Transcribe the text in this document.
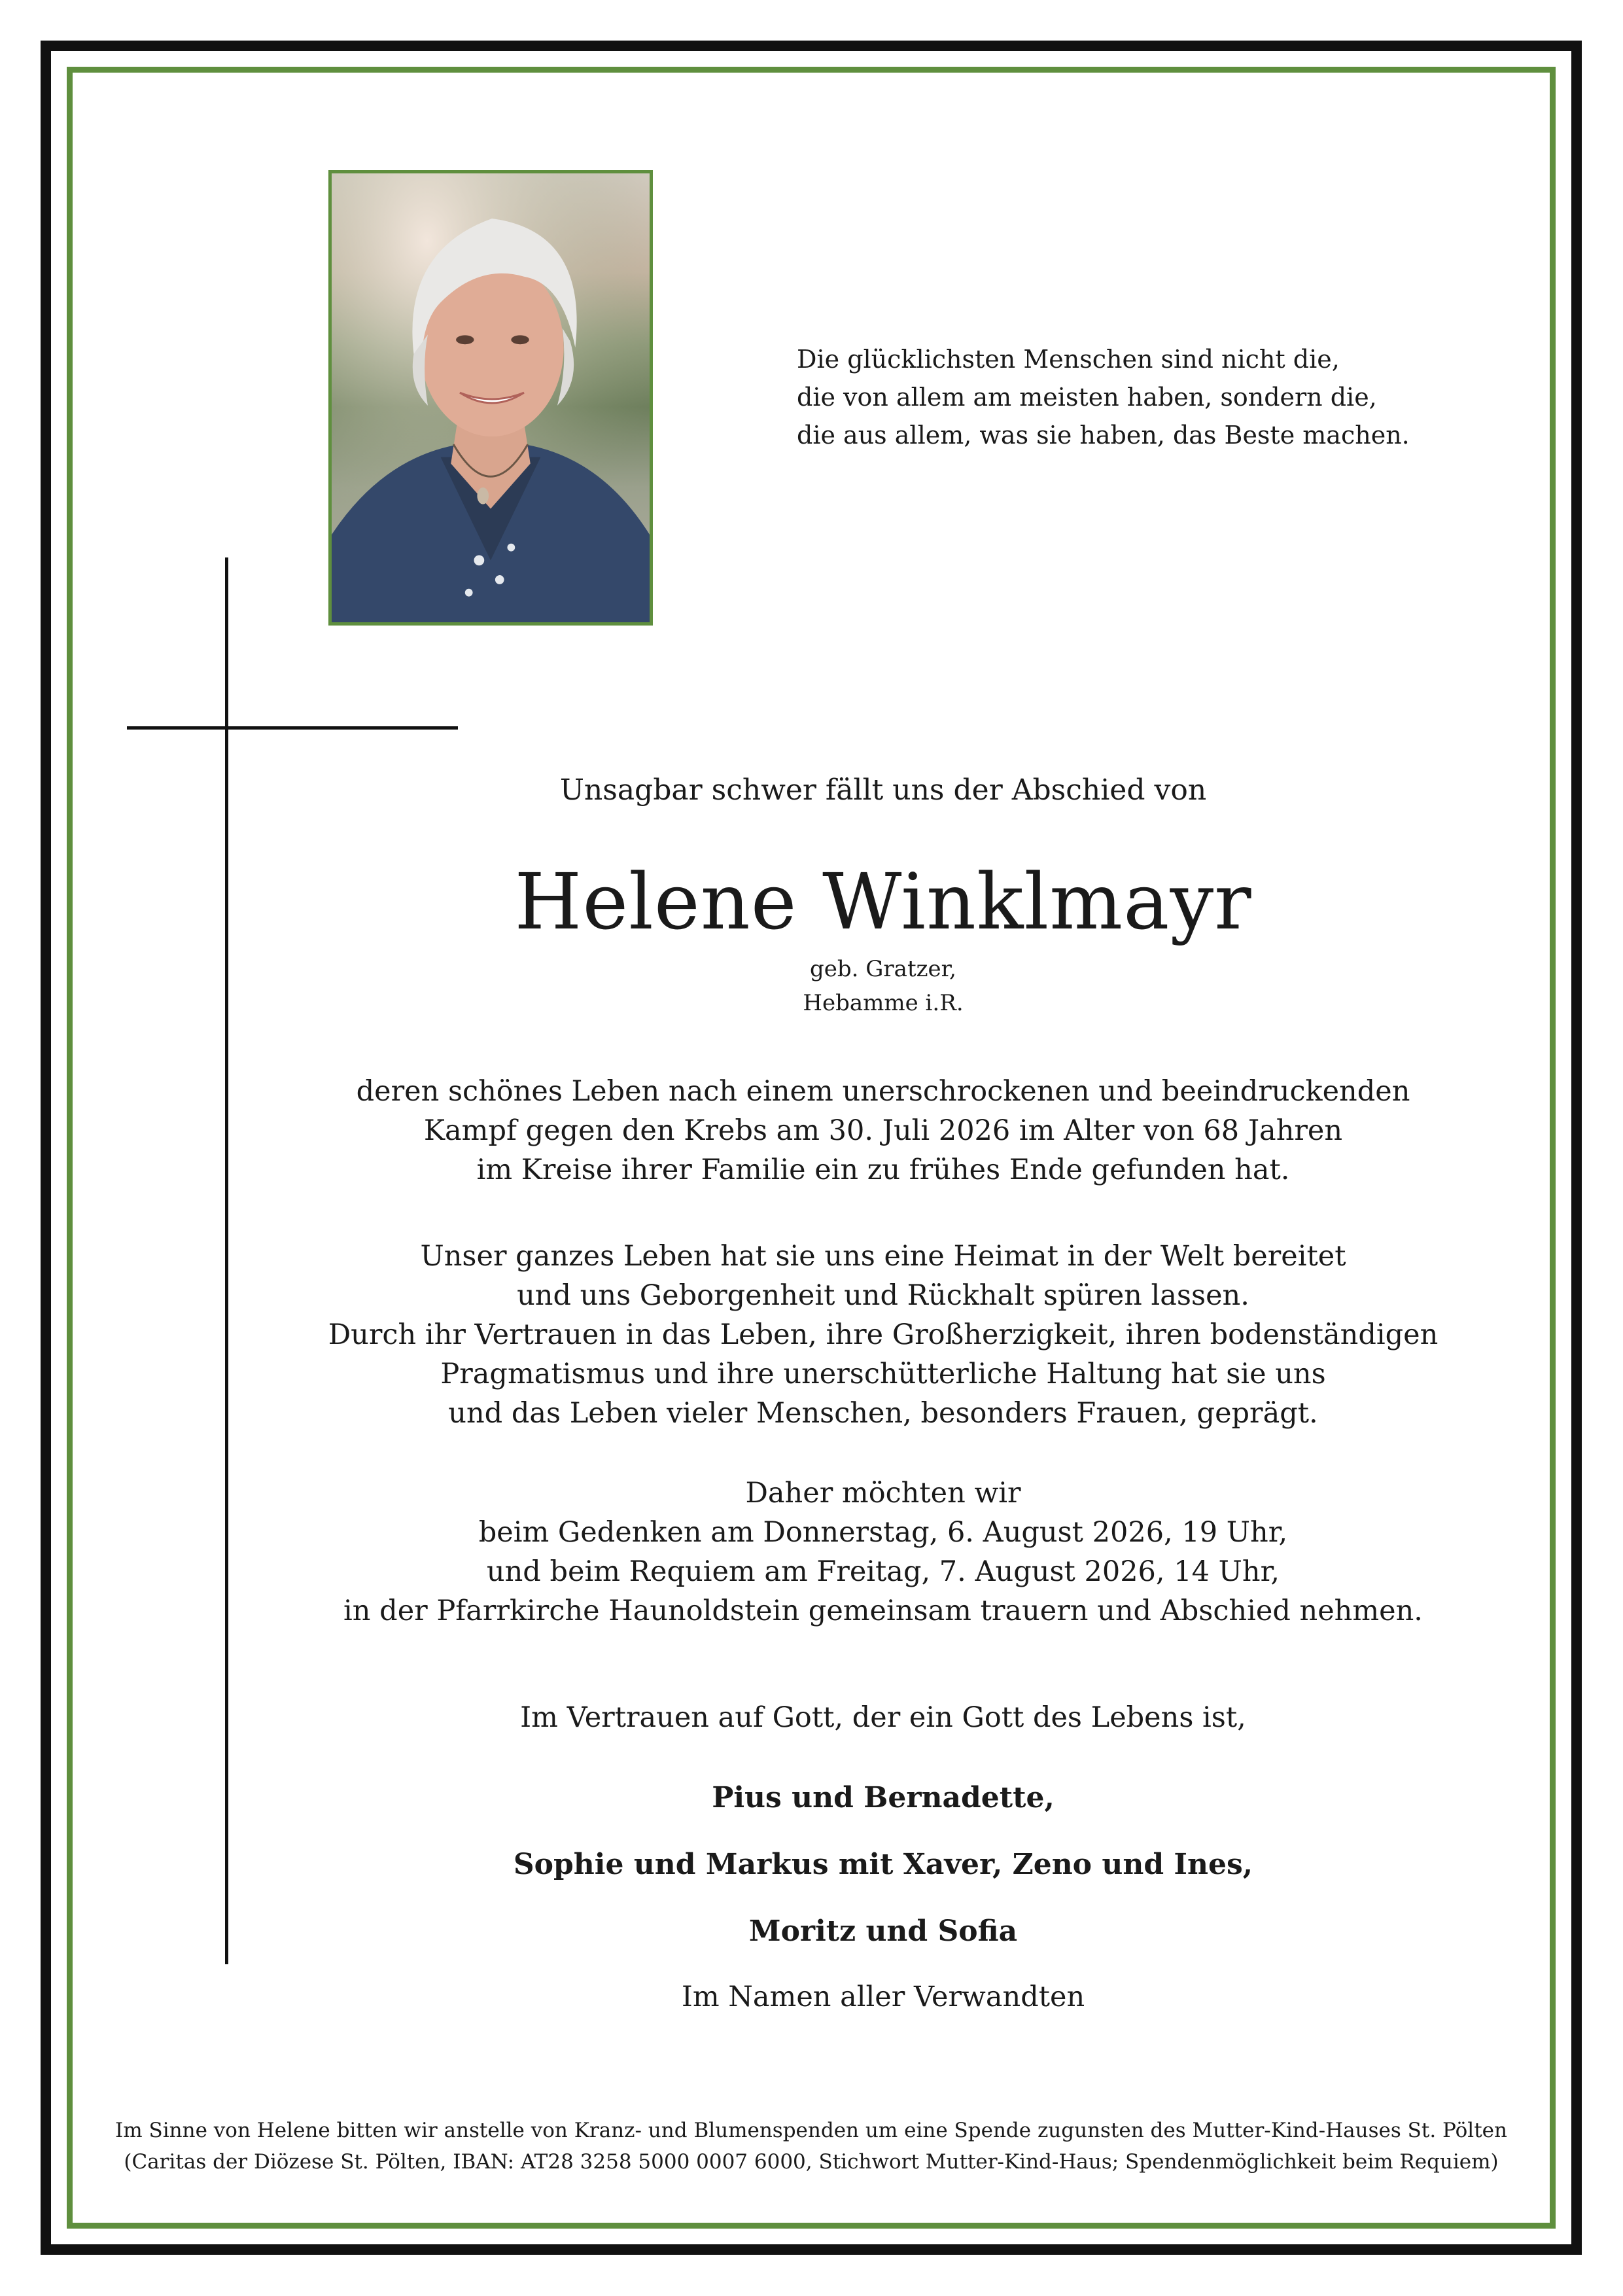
Die glücklichsten Menschen sind nicht die,
die von allem am meisten haben, sondern die,
die aus allem, was sie haben, das Beste machen.
Unsagbar schwer fällt uns der Abschied von
Helene Winklmayr
geb. Gratzer,
Hebamme i.R.
deren schönes Leben nach einem unerschrockenen und beeindruckenden
Kampf gegen den Krebs am 30. Juli 2026 im Alter von 68 Jahren
im Kreise ihrer Familie ein zu frühes Ende gefunden hat.
Unser ganzes Leben hat sie uns eine Heimat in der Welt bereitet
und uns Geborgenheit und Rückhalt spüren lassen.
Durch ihr Vertrauen in das Leben, ihre Großherzigkeit, ihren bodenständigen
Pragmatismus und ihre unerschütterliche Haltung hat sie uns
und das Leben vieler Menschen, besonders Frauen, geprägt.
Daher möchten wir
beim Gedenken am Donnerstag, 6. August 2026, 19 Uhr,
und beim Requiem am Freitag, 7. August 2026, 14 Uhr,
in der Pfarrkirche Haunoldstein gemeinsam trauern und Abschied nehmen.
Im Vertrauen auf Gott, der ein Gott des Lebens ist,
Pius und Bernadette,
Sophie und Markus mit Xaver, Zeno und Ines,
Moritz und Sofia
Im Namen aller Verwandten
Im Sinne von Helene bitten wir anstelle von Kranz- und Blumenspenden um eine Spende zugunsten des Mutter-Kind-Hauses St. Pölten
(Caritas der Diözese St. Pölten, IBAN: AT28 3258 5000 0007 6000, Stichwort Mutter-Kind-Haus; Spendenmöglichkeit beim Requiem)
